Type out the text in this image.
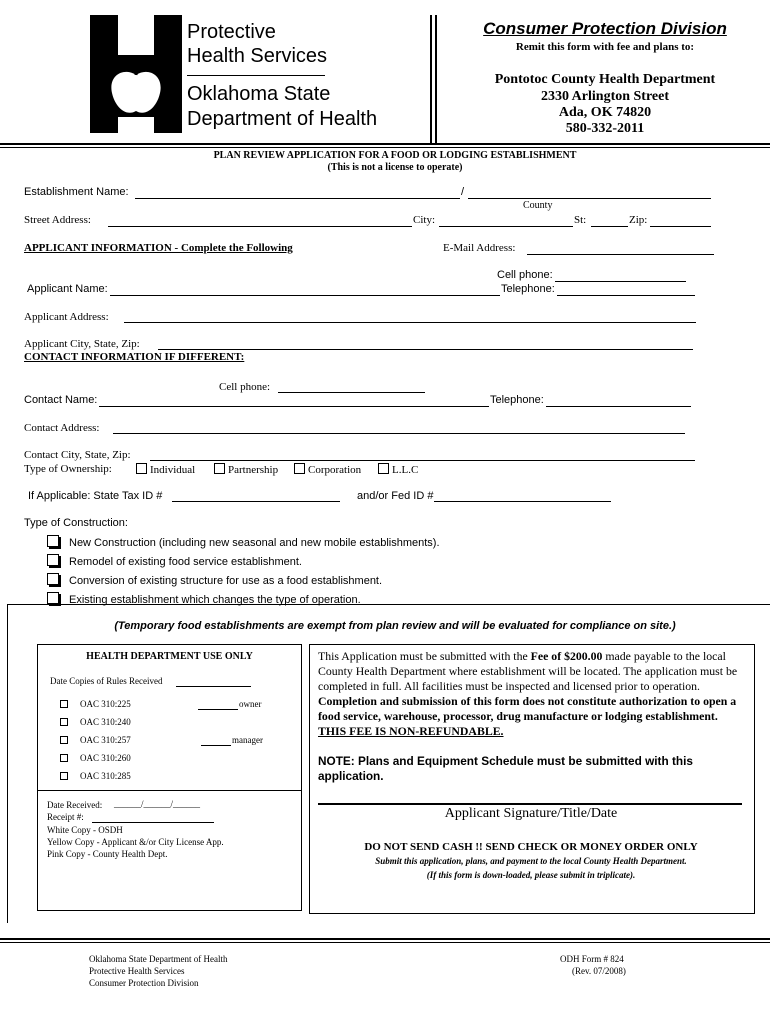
Protective
Health Services
Oklahoma State
Department of Health
Consumer Protection Division
Remit this form with fee and plans to:
Pontotoc County Health Department
2330 Arlington Street
Ada, OK 74820
580-332-2011
PLAN REVIEW APPLICATION FOR A FOOD OR LODGING ESTABLISHMENT
(This is not a license to operate)
Establishment Name:	/
County
Street Address:	City:	St:	Zip:
APPLICANT INFORMATION - Complete the Following	E-Mail Address:
Cell phone:
Applicant Name:	Telephone:
Applicant Address:
Applicant City, State, Zip:
CONTACT INFORMATION IF DIFFERENT:
Cell phone:
Contact Name:	Telephone:
Contact Address:
Contact City, State, Zip:
Type of Ownership:	Individual	Partnership	Corporation	L.L.C
If Applicable: State Tax ID #	and/or Fed ID #
Type of Construction:
New Construction (including new seasonal and new mobile establishments).
Remodel of existing food service establishment.
Conversion of existing structure for use as a food establishment.
Existing establishment which changes the type of operation.
(Temporary food establishments are exempt from plan review and will be evaluated for compliance on site.)
HEALTH DEPARTMENT USE ONLY
Date Copies of Rules Received
OAC 310:225	owner
OAC 310:240
OAC 310:257	manager
OAC 310:260
OAC 310:285
Date Received: ______/______/______
Receipt #:
White Copy - OSDH
Yellow Copy - Applicant &/or City License App.
Pink Copy - County Health Dept.
This Application must be submitted with the Fee of $200.00 made payable to the local County Health Department where establishment will be located. The application must be completed in full. All facilities must be inspected and licensed prior to operation. Completion and submission of this form does not constitute authorization to open a food service, warehouse, processor, drug manufacture or lodging establishment. THIS FEE IS NON-REFUNDABLE.
NOTE: Plans and Equipment Schedule must be submitted with this application.
Applicant Signature/Title/Date
DO NOT SEND CASH !! SEND CHECK OR MONEY ORDER ONLY
Submit this application, plans, and payment to the local County Health Department.
(If this form is down-loaded, please submit in triplicate).
Oklahoma State Department of Health
Protective Health Services
Consumer Protection Division
ODH Form # 824
(Rev. 07/2008)
